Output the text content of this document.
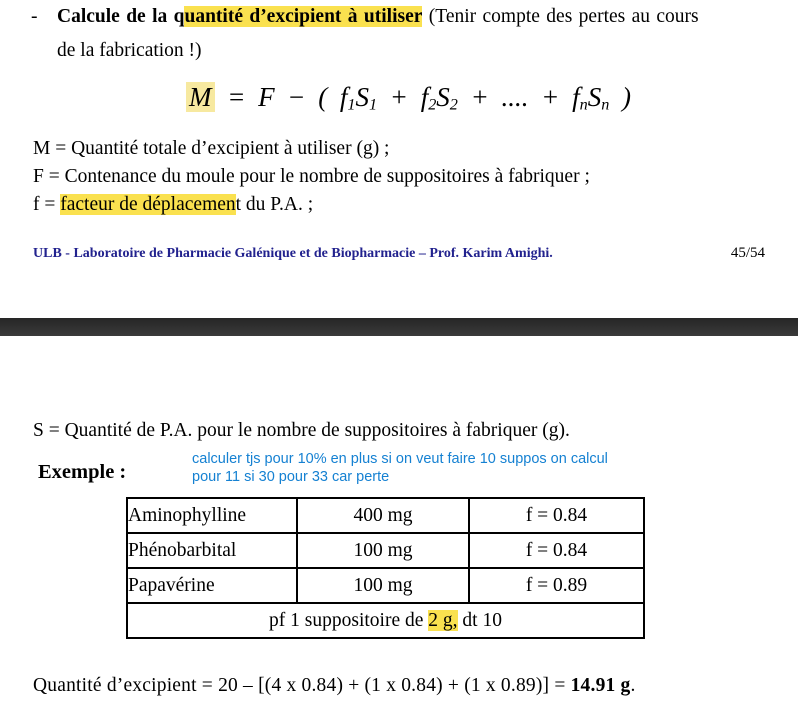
- Calcule de la quantité d’excipient à utiliser (Tenir compte des pertes au cours
de la fabrication !)
M = F − ( f1S1 + f2S2 + .... + fnSn )
M = Quantité totale d’excipient à utiliser (g) ;
F = Contenance du moule pour le nombre de suppositoires à fabriquer ;
f = facteur de déplacement du P.A. ;
ULB - Laboratoire de Pharmacie Galénique et de Biopharmacie – Prof. Karim Amighi.	45/54
S = Quantité de P.A. pour le nombre de suppositoires à fabriquer (g).
Exemple :
calculer tjs pour 10% en plus si on veut faire 10 suppos on calcul
pour 11 si 30 pour 33 car perte
Aminophylline	400 mg	f = 0.84
Phénobarbital	100 mg	f = 0.84
Papavérine	100 mg	f = 0.89
pf 1 suppositoire de 2 g, dt 10		
Quantité d’excipient = 20 – [(4 x 0.84) + (1 x 0.84) + (1 x 0.89)] = 14.91 g.
